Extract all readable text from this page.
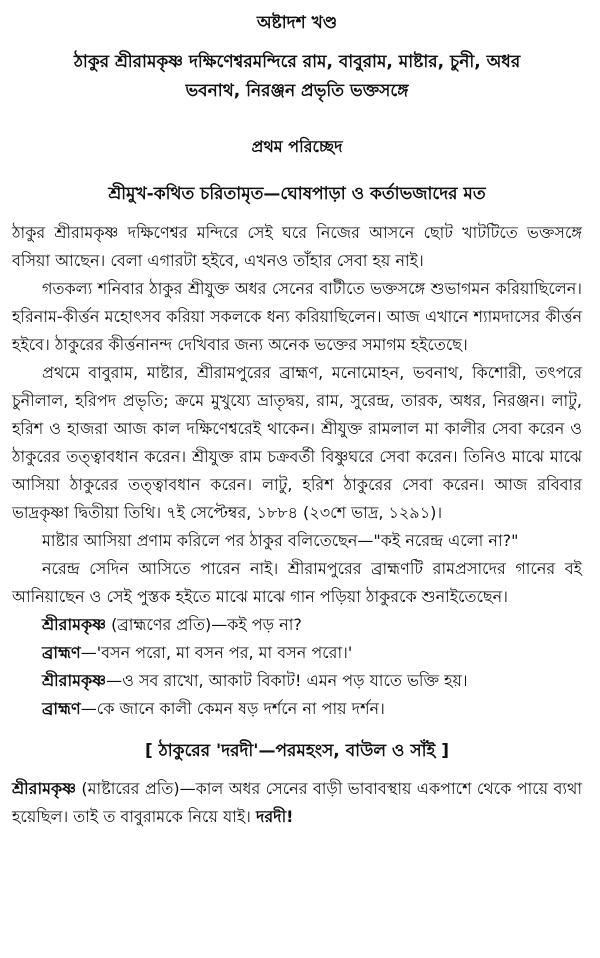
অষ্টাদশ খণ্ড
ঠাকুর শ্রীরামকৃষ্ণ দক্ষিণেশ্বরমন্দিরে রাম, বাবুরাম, মাষ্টার, চুনী, অধর
ভবনাথ, নিরঞ্জন প্রভৃতি ভক্তসঙ্গে
প্রথম পরিচ্ছেদ
শ্রীমুখ-কথিত চরিতামৃত—ঘোষপাড়া ও কর্তাভজাদের মত

ঠাকুর শ্রীরামকৃষ্ণ দক্ষিণেশ্বর মন্দিরে সেই ঘরে নিজের আসনে ছোট খাটটিতে ভক্তসঙ্গে বসিয়া আছেন। বেলা এগারটা হইবে, এখনও তাঁহার সেবা হয় নাই।

গতকল্য শনিবার ঠাকুর শ্রীযুক্ত অধর সেনের বাটীতে ভক্তসঙ্গে শুভাগমন করিয়াছিলেন। হরিনাম-কীর্ত্তন মহোৎসব করিয়া সকলকে ধন্য করিয়াছিলেন। আজ এখানে শ্যামদাসের কীর্ত্তন হইবে। ঠাকুরের কীর্ত্তনানন্দ দেখিবার জন্য অনেক ভক্তের সমাগম হইতেছে।

প্রথমে বাবুরাম, মাষ্টার, শ্রীরামপুরের ব্রাহ্মণ, মনোমোহন, ভবনাথ, কিশোরী, তৎপরে চুনীলাল, হরিপদ প্রভৃতি; ক্রমে মুখুয্যে ভ্রাতৃদ্বয়, রাম, সুরেন্দ্র, তারক, অধর, নিরঞ্জন। লাটু, হরিশ ও হাজরা আজ কাল দক্ষিণেশ্বরেই থাকেন। শ্রীযুক্ত রামলাল মা কালীর সেবা করেন ও ঠাকুরের তত্ত্বাবধান করেন। শ্রীযুক্ত রাম চক্রবর্তী বিষ্ণুঘরে সেবা করেন। তিনিও মাঝে মাঝে আসিয়া ঠাকুরের তত্ত্বাবধান করেন। লাটু, হরিশ ঠাকুরের সেবা করেন। আজ রবিবার ভাদ্রকৃষ্ণা দ্বিতীয়া তিথি। ৭ই সেপ্টেম্বর, ১৮৮৪ (২৩শে ভাদ্র, ১২৯১)।

মাষ্টার আসিয়া প্রণাম করিলে পর ঠাকুর বলিতেছেন—"কই নরেন্দ্র এলো না?"

নরেন্দ্র সেদিন আসিতে পারেন নাই। শ্রীরামপুরের ব্রাহ্মণটি রামপ্রসাদের গানের বই আনিয়াছেন ও সেই পুস্তক হইতে মাঝে মাঝে গান পড়িয়া ঠাকুরকে শুনাইতেছেন।

শ্রীরামকৃষ্ণ (ব্রাহ্মণের প্রতি)—কই পড় না?

ব্রাহ্মণ—'বসন পরো, মা বসন পর, মা বসন পরো।'

শ্রীরামকৃষ্ণ—ও সব রাখো, আকাট বিকাট! এমন পড় যাতে ভক্তি হয়।

ব্রাহ্মণ—কে জানে কালী কেমন ষড় দর্শনে না পায় দর্শন।

[ ঠাকুরের 'দরদী'—পরমহংস, বাউল ও সাঁই ]

শ্রীরামকৃষ্ণ (মাষ্টারের প্রতি)—কাল অধর সেনের বাড়ী ভাবাবস্থায় একপাশে থেকে পায়ে ব্যথা হয়েছিল। তাই ত বাবুরামকে নিয়ে যাই। দরদী!
